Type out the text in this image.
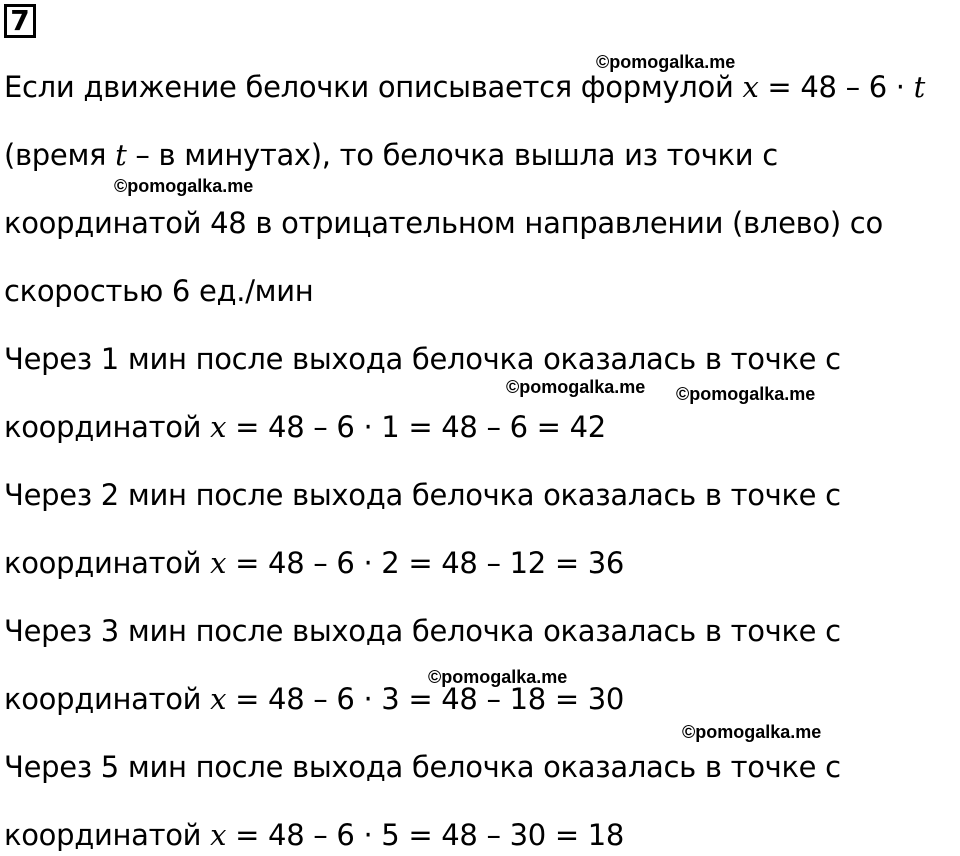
7
©pomogalka.me
©pomogalka.me
©pomogalka.me ©pomogalka.me
©pomogalka.me
©pomogalka.me
Если движение белочки описывается формулой x = 48 – 6 · t
(время t – в минутах), то белочка вышла из точки с
координатой 48 в отрицательном направлении (влево) со
скоростью 6 ед./мин
Через 1 мин после выхода белочка оказалась в точке с
координатой x = 48 – 6 · 1 = 48 – 6 = 42
Через 2 мин после выхода белочка оказалась в точке с
координатой x = 48 – 6 · 2 = 48 – 12 = 36
Через 3 мин после выхода белочка оказалась в точке с
координатой x = 48 – 6 · 3 = 48 – 18 = 30
Через 5 мин после выхода белочка оказалась в точке с
координатой x = 48 – 6 · 5 = 48 – 30 = 18
